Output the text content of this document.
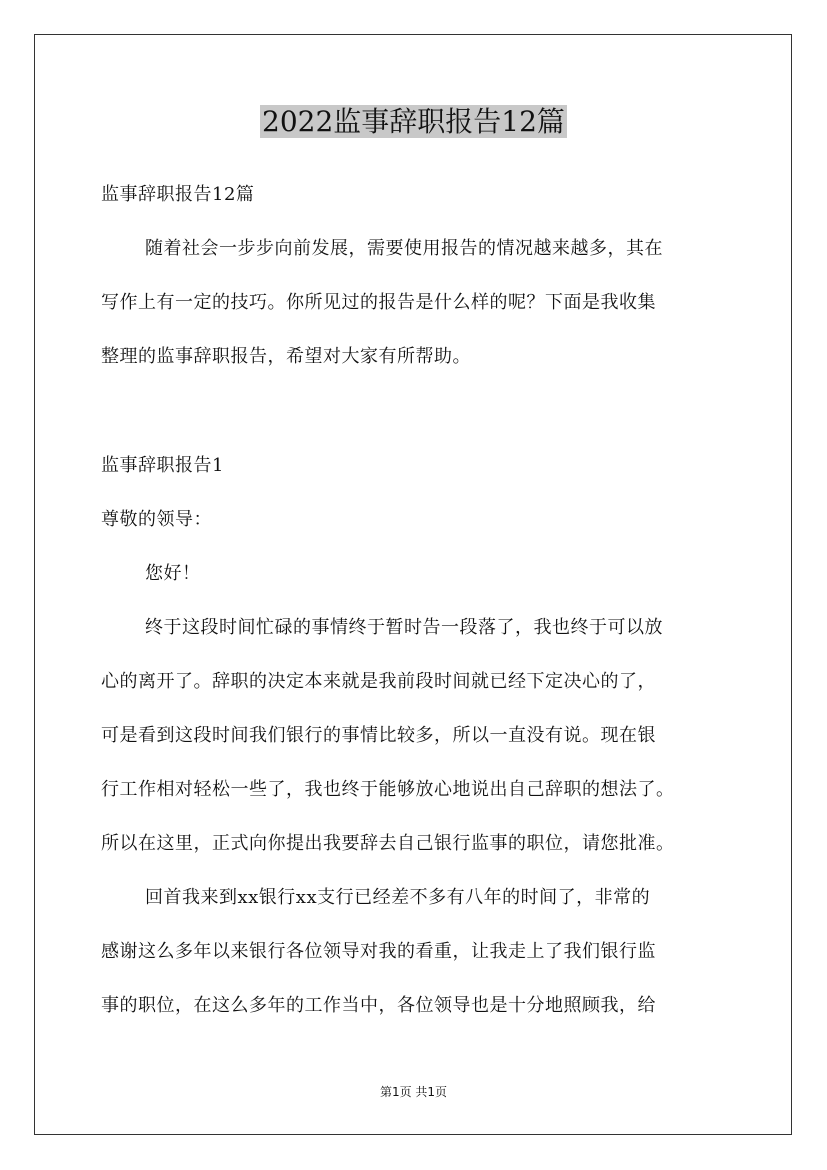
2022监事辞职报告12篇
监事辞职报告12篇
随着社会一步步向前发展，需要使用报告的情况越来越多，其在
写作上有一定的技巧。你所见过的报告是什么样的呢？下面是我收集
整理的监事辞职报告，希望对大家有所帮助。
监事辞职报告1
尊敬的领导：
您好！
终于这段时间忙碌的事情终于暂时告一段落了，我也终于可以放
心的离开了。辞职的决定本来就是我前段时间就已经下定决心的了，
可是看到这段时间我们银行的事情比较多，所以一直没有说。现在银
行工作相对轻松一些了，我也终于能够放心地说出自己辞职的想法了。
所以在这里，正式向你提出我要辞去自己银行监事的职位，请您批准。
回首我来到xx银行xx支行已经差不多有八年的时间了，非常的
感谢这么多年以来银行各位领导对我的看重，让我走上了我们银行监
事的职位，在这么多年的工作当中，各位领导也是十分地照顾我，给
第1页 共1页
